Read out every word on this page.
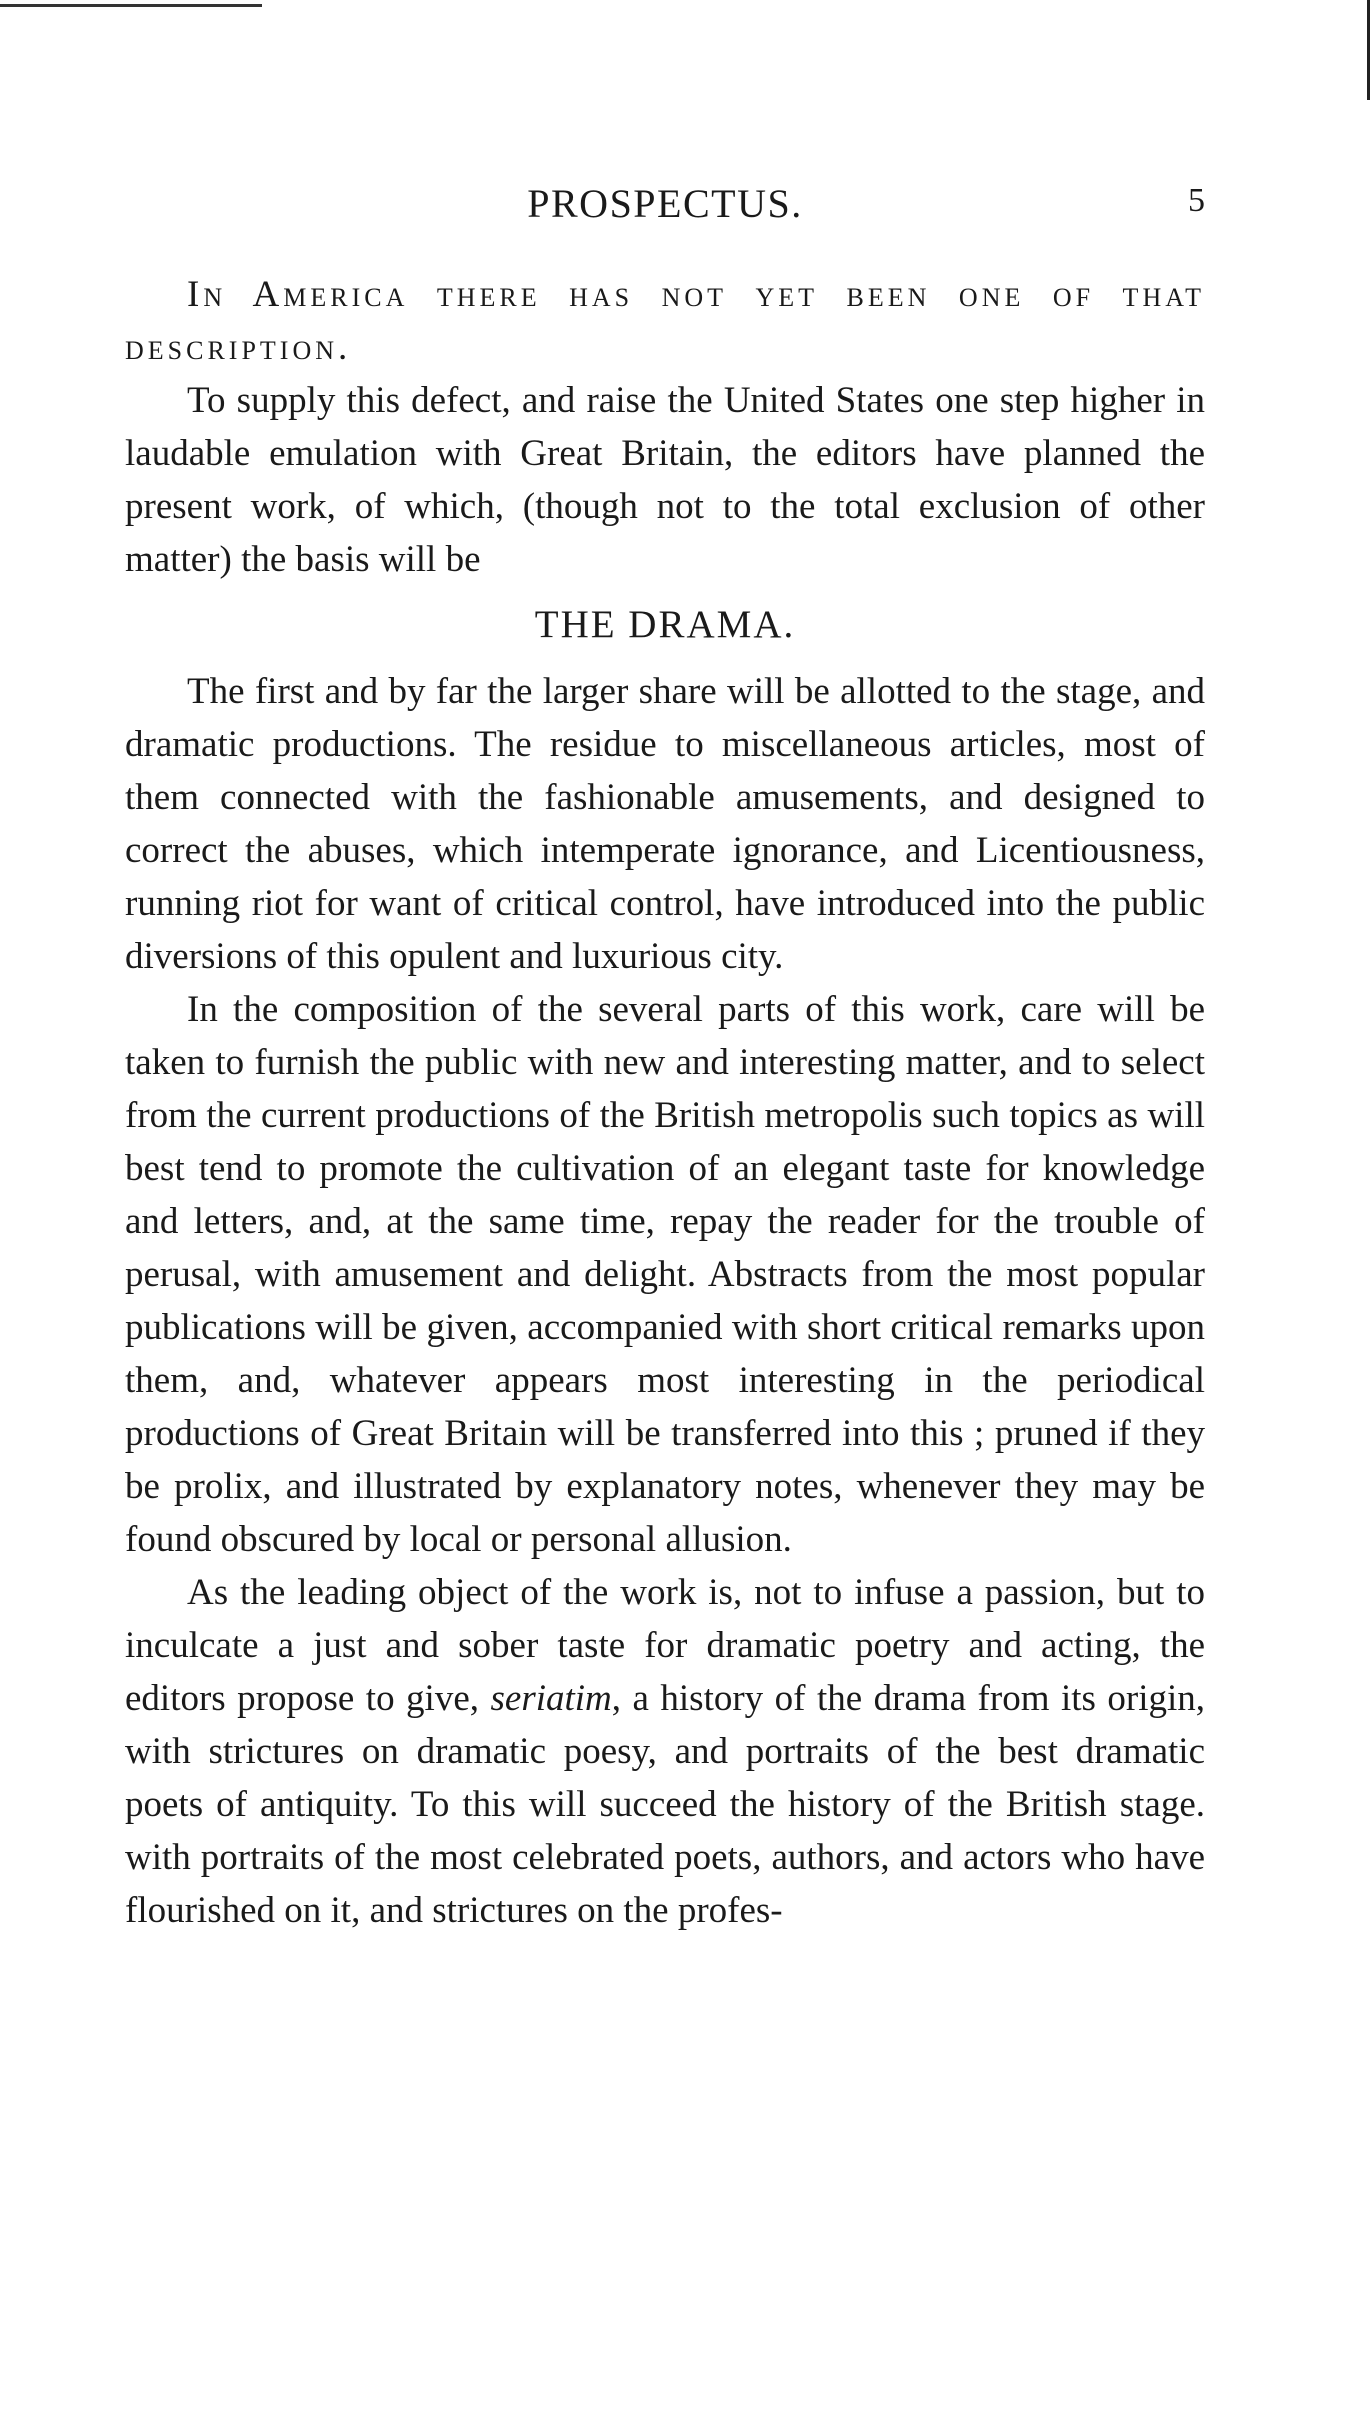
PROSPECTUS.	5

In America there has not yet been one of that description.

To supply this defect, and raise the United States one step higher in laudable emulation with Great Britain, the editors have planned the present work, of which, (though not to the total exclusion of other matter) the basis will be

THE DRAMA.

The first and by far the larger share will be allotted to the stage, and dramatic productions. The residue to miscellaneous articles, most of them connected with the fashionable amusements, and designed to correct the abuses, which intemperate ignorance, and Licentiousness, running riot for want of critical control, have introduced into the public diversions of this opulent and luxurious city.

In the composition of the several parts of this work, care will be taken to furnish the public with new and interesting matter, and to select from the current productions of the British metropolis such topics as will best tend to promote the cultivation of an elegant taste for knowledge and letters, and, at the same time, repay the reader for the trouble of perusal, with amusement and delight. Abstracts from the most popular publications will be given, accompanied with short critical remarks upon them, and, whatever appears most interesting in the periodical productions of Great Britain will be transferred into this ; pruned if they be prolix, and illustrated by explanatory notes, whenever they may be found obscured by local or personal allusion.

As the leading object of the work is, not to infuse a passion, but to inculcate a just and sober taste for dramatic poetry and acting, the editors propose to give, seriatim, a history of the drama from its origin, with strictures on dramatic poesy, and portraits of the best dramatic poets of antiquity. To this will succeed the history of the British stage. with portraits of the most celebrated poets, authors, and actors who have flourished on it, and strictures on the profes-
